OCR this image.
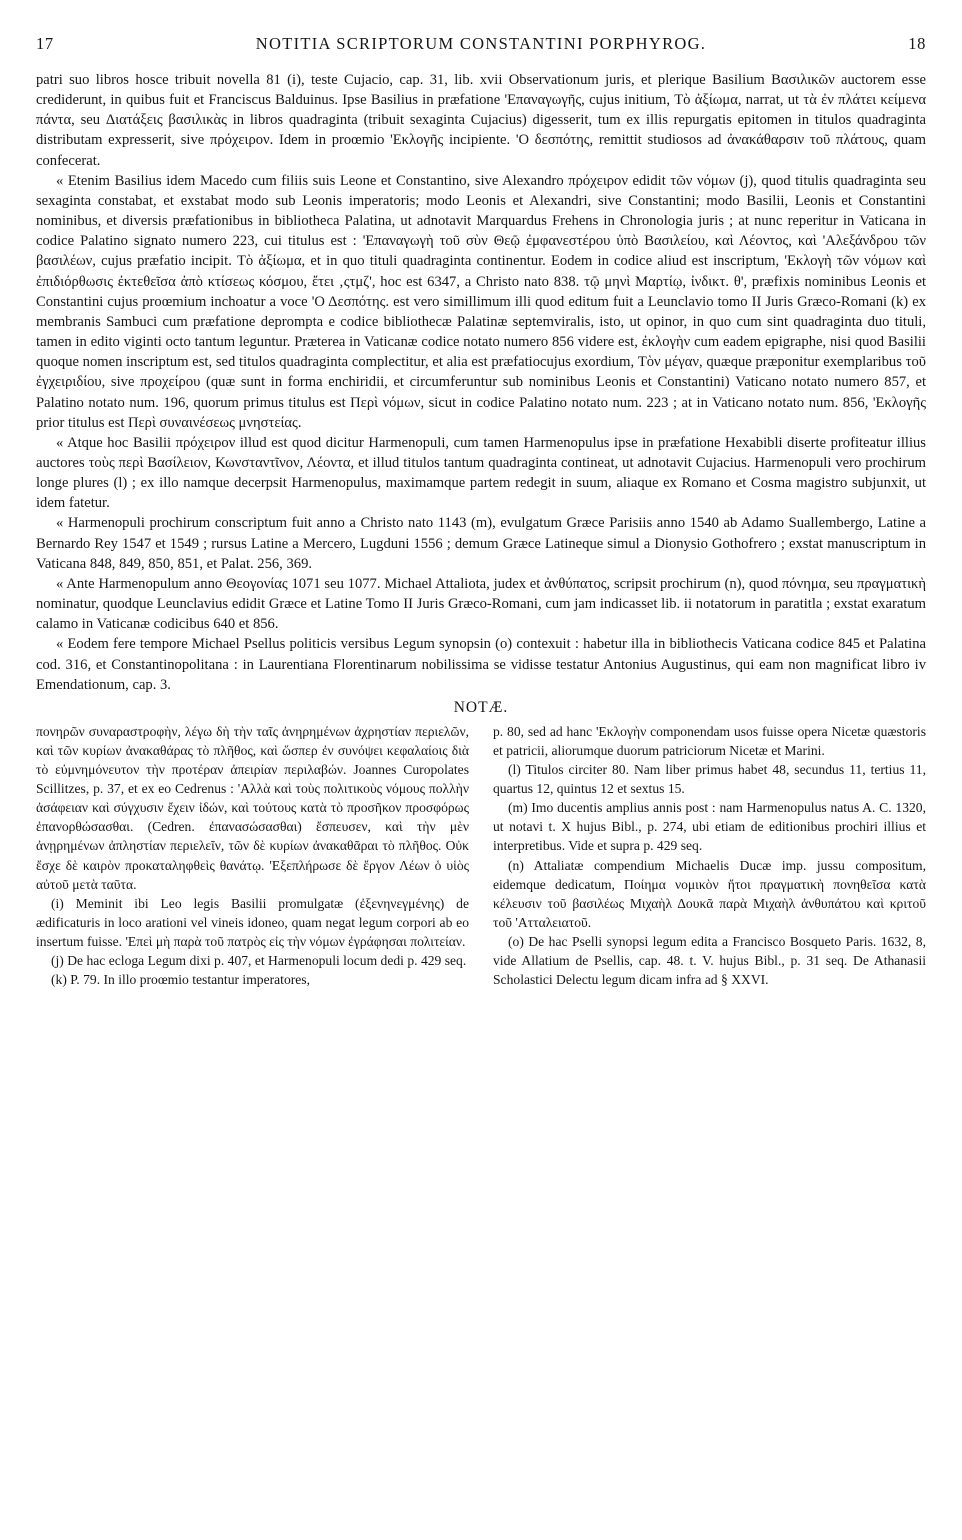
17	NOTITIA SCRIPTORUM CONSTANTINI PORPHYROG.	18

patri suo libros hosce tribuit novella 81 (i), teste Cujacio, cap. 31, lib. xvii Observationum juris, et plerique Basilium Βασιλικῶν auctorem esse crediderunt, in quibus fuit et Franciscus Balduinus. Ipse Basilius in præfatione 'Επαναγωγῆς, cujus initium, Τὸ ἀξίωμα, narrat, ut τὰ ἐν πλάτει κείμενα πάντα, seu Διατάξεις βασιλικὰς in libros quadraginta (tribuit sexaginta Cujacius) digesserit, tum ex illis repurgatis epitomen in titulos quadraginta distributam expresserit, sive πρόχειρον. Idem in proœmio 'Εκλογῆς incipiente. 'Ο δεσπότης, remittit studiosos ad ἀνακάθαρσιν τοῦ πλάτους, quam confecerat.

« Etenim Basilius idem Macedo cum filiis suis Leone et Constantino, sive Alexandro πρόχειρον edidit τῶν νόμων (j), quod titulis quadraginta seu sexaginta constabat, et exstabat modo sub Leonis imperatoris; modo Leonis et Alexandri, sive Constantini; modo Basilii, Leonis et Constantini nominibus, et diversis præfationibus in bibliotheca Palatina, ut adnotavit Marquardus Frehens in Chronologia juris ; at nunc reperitur in Vaticana in codice Palatino signato numero 223, cui titulus est : 'Επαναγωγὴ τοῦ σὺν Θεῷ ἐμφανεστέρου ὑπὸ Βασιλείου, καὶ Λέοντος, καὶ 'Αλεξάνδρου τῶν βασιλέων, cujus præfatio incipit. Τὸ ἀξίωμα, et in quo tituli quadraginta continentur. Eodem in codice aliud est inscriptum, 'Εκλογὴ τῶν νόμων καὶ ἐπιδιόρθωσις ἐκτεθεῖσα ἀπὸ κτίσεως κόσμου, ἔτει ‚ςτμζ', hoc est 6347, a Christo nato 838. τῷ μηνὶ Μαρτίῳ, ἰνδικτ. θ', præfixis nominibus Leonis et Constantini cujus proœmium inchoatur a voce 'Ο Δεσπότης. est vero simillimum illi quod editum fuit a Leunclavio tomo II Juris Græco-Romani (k) ex membranis Sambuci cum præfatione deprompta e codice bibliothecæ Palatinæ septemviralis, isto, ut opinor, in quo cum sint quadraginta duo tituli, tamen in edito viginti octo tantum leguntur. Præterea in Vaticanæ codice notato numero 856 videre est, ἐκλογὴν cum eadem epigraphe, nisi quod Basilii quoque nomen inscriptum est, sed titulos quadraginta complectitur, et alia est præfatiocujus exordium, Τὸν μέγαν, quæque præponitur exemplaribus τοῦ ἐγχειριδίου, sive προχείρου (quæ sunt in forma enchiridii, et circumferuntur sub nominibus Leonis et Constantini) Vaticano notato numero 857, et Palatino notato num. 196, quorum primus titulus est Περὶ νόμων, sicut in codice Palatino notato num. 223 ; at in Vaticano notato num. 856, 'Εκλογῆς prior titulus est Περὶ συναινέσεως μνηστείας.

« Atque hoc Basilii πρόχειρον illud est quod dicitur Harmenopuli, cum tamen Harmenopulus ipse in præfatione Hexabibli diserte profiteatur illius auctores τοὺς περὶ Βασίλειον, Κωνσταντῖνον, Λέοντα, et illud titulos tantum quadraginta contineat, ut adnotavit Cujacius. Harmenopuli vero prochirum longe plures (l) ; ex illo namque decerpsit Harmenopulus, maximamque partem redegit in suum, aliaque ex Romano et Cosma magistro subjunxit, ut idem fatetur.

« Harmenopuli prochirum conscriptum fuit anno a Christo nato 1143 (m), evulgatum Græce Parisiis anno 1540 ab Adamo Suallembergo, Latine a Bernardo Rey 1547 et 1549 ; rursus Latine a Mercero, Lugduni 1556 ; demum Græce Latineque simul a Dionysio Gothofrero ; exstat manuscriptum in Vaticana 848, 849, 850, 851, et Palat. 256, 369.

« Ante Harmenopulum anno Θεογονίας 1071 seu 1077. Michael Attaliota, judex et ἀνθύπατος, scripsit prochirum (n), quod πόνημα, seu πραγματικὴ nominatur, quodque Leunclavius edidit Græce et Latine Tomo II Juris Græco-Romani, cum jam indicasset lib. ii notatorum in paratitla ; exstat exaratum calamo in Vaticanæ codicibus 640 et 856.

« Eodem fere tempore Michael Psellus politicis versibus Legum synopsin (o) contexuit : habetur illa in bibliothecis Vaticana codice 845 et Palatina cod. 316, et Constantinopolitana : in Laurentiana Florentinarum nobilissima se vidisse testatur Antonius Augustinus, qui eam non magnificat libro iv Emendationum, cap. 3.

NOTÆ.

πονηρῶν συναραστροφὴν, λέγω δὴ τὴν ταῖς ἀνηρημένων ἀχρηστίαν περιελῶν, καὶ τῶν κυρίων ἀνακαθάρας τὸ πλῆθος, καὶ ὥσπερ ἐν συνόψει κεφαλαίοις διὰ τὸ εὐμνημόνευτον τὴν προτέραν ἀπειρίαν περιλαβών. Joannes Curopolates Scillitzes, p. 37, et ex eo Cedrenus : 'Αλλὰ καὶ τοὺς πολιτικοὺς νόμους πολλὴν ἀσάφειαν καὶ σύγχυσιν ἔχειν ἰδών, καὶ τούτους κατὰ τὸ προσῆκον προσφόρως ἐπανορθώσασθαι. (Cedren. ἐπανασώσασθαι) ἔσπευσεν, καὶ τὴν μὲν ἀνῃρημένων ἀπληστίαν περιελεῖν, τῶν δὲ κυρίων ἀνακαθᾶραι τὸ πλῆθος. Οὐκ ἔσχε δὲ καιρὸν προκαταληφθεὶς θανάτῳ. 'Εξεπλήρωσε δὲ ἔργον Λέων ὁ υἱὸς αὐτοῦ μετὰ ταῦτα.

(i) Meminit ibi Leo legis Basilii promulgatæ (ἐξενηνεγμένης) de ædificaturis in loco arationi vel vineis idoneo, quam negat legum corpori ab eo insertum fuisse. 'Επεὶ μὴ παρὰ τοῦ πατρὸς εἰς τὴν νόμων ἐγράφησαι πολιτείαν.

(j) De hac ecloga Legum dixi p. 407, et Harmenopuli locum dedi p. 429 seq.

(k) P. 79. In illo proœmio testantur imperatores,

p. 80, sed ad hanc 'Εκλογὴν componendam usos fuisse opera Nicetæ quæstoris et patricii, aliorumque duorum patriciorum Nicetæ et Marini.

(l) Titulos circiter 80. Nam liber primus habet 48, secundus 11, tertius 11, quartus 12, quintus 12 et sextus 15.

(m) Imo ducentis amplius annis post : nam Harmenopulus natus A. C. 1320, ut notavi t. X hujus Bibl., p. 274, ubi etiam de editionibus prochiri illius et interpretibus. Vide et supra p. 429 seq.

(n) Attaliatæ compendium Michaelis Ducæ imp. jussu compositum, eidemque dedicatum, Ποίημα νομικὸν ἤτοι πραγματικὴ πονηθεῖσα κατὰ κέλευσιν τοῦ βασιλέως Μιχαὴλ Δουκᾶ παρὰ Μιχαὴλ ἀνθυπάτου καὶ κριτοῦ τοῦ 'Ατταλειατοῦ.

(o) De hac Pselli synopsi legum edita a Francisco Bosqueto Paris. 1632, 8, vide Allatium de Psellis, cap. 48. t. V. hujus Bibl., p. 31 seq. De Athanasii Scholastici Delectu legum dicam infra ad § XXVI.
